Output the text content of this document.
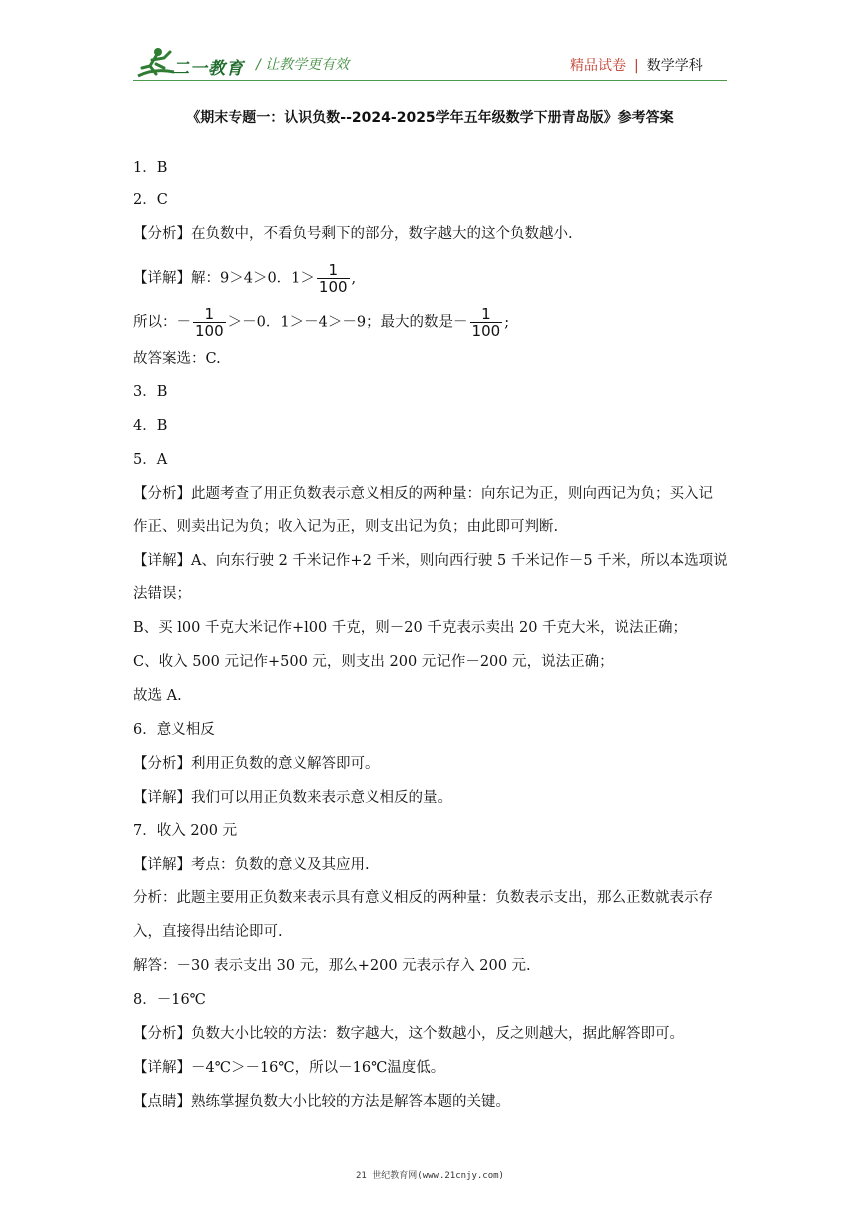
二一教育 / 让教学更有效	精品试卷 | 数学学科
《期末专题一：认识负数--2024-2025学年五年级数学下册青岛版》参考答案
1．B
2．C
【分析】在负数中，不看负号剩下的部分，数字越大的这个负数越小.
【详解】解：9＞4＞0．$1> \frac{1}{100}$ ,
所以：－ $\frac{1}{100} >-0$．1＞－4＞－9；最大的数是－ $\frac{1}{100}$ ;
故答案选：C.
3．B
4．B
5．A
【分析】此题考查了用正负数表示意义相反的两种量：向东记为正，则向西记为负；买入记
作正、则卖出记为负；收入记为正，则支出记为负；由此即可判断.
【详解】A、向东行驶 2 千米记作+2 千米，则向西行驶 5 千米记作－5 千米，所以本选项说
法错误；
B、买 l00 千克大米记作+l00 千克，则－20 千克表示卖出 20 千克大米，说法正确；
C、收入 500 元记作+500 元，则支出 200 元记作－200 元，说法正确；
故选 A.
6．意义相反
【分析】利用正负数的意义解答即可。
【详解】我们可以用正负数来表示意义相反的量。
7．收入 200 元
【详解】考点：负数的意义及其应用.
分析：此题主要用正负数来表示具有意义相反的两种量：负数表示支出，那么正数就表示存
入，直接得出结论即可.
解答：－30 表示支出 30 元，那么+200 元表示存入 200 元.
8．－16℃
【分析】负数大小比较的方法：数字越大，这个数越小，反之则越大，据此解答即可。
【详解】－4℃＞－16℃，所以－16℃温度低。
【点睛】熟练掌握负数大小比较的方法是解答本题的关键。
21 世纪教育网(www.21cnjy.com)
